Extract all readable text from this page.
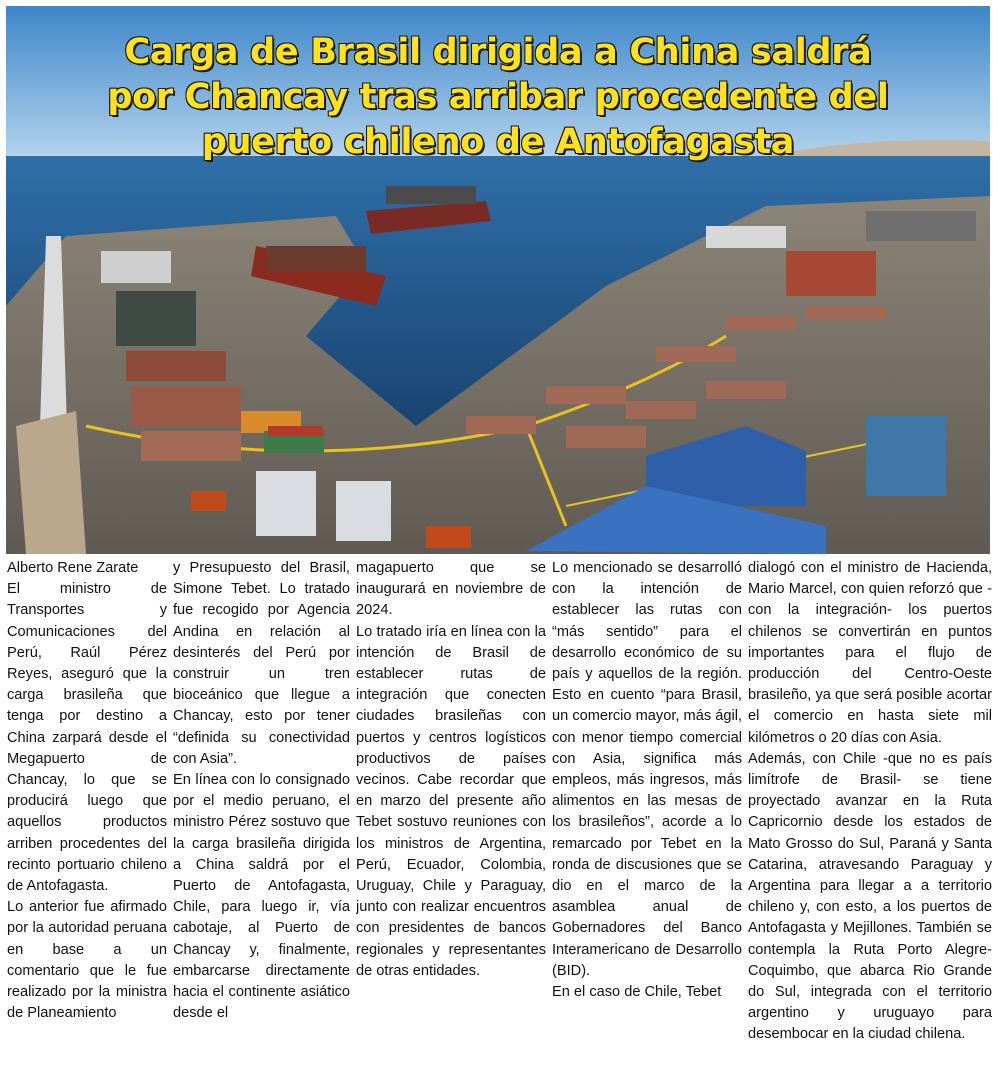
Carga de Brasil dirigida a China saldrá
por Chancay tras arribar procedente del
puerto chileno de Antofagasta

Alberto Rene Zarate

El ministro de Transportes y Comunicaciones del Perú, Raúl Pérez Reyes, aseguró que la carga brasileña que tenga por destino a China zarpará desde el Megapuerto de Chancay, lo que se producirá luego que aquellos productos arriben procedentes del recinto portuario chileno de Antofagasta.

Lo anterior fue afirmado por la autoridad peruana en base a un comentario que le fue realizado por la ministra de Planeamiento

y Presupuesto del Brasil, Simone Tebet. Lo tratado fue recogido por Agencia Andina en relación al desinterés del Perú por construir un tren bioceánico que llegue a Chancay, esto por tener “definida su conectividad con Asia”.

En línea con lo consignado por el medio peruano, el ministro Pérez sostuvo que la carga brasileña dirigida a China saldrá por el Puerto de Antofagasta, Chile, para luego ir, vía cabotaje, al Puerto de Chancay y, finalmente, embarcarse directamente hacia el continente asiático desde el

magapuerto que se inaugurará en noviembre de 2024.

Lo tratado iría en línea con la intención de Brasil de establecer rutas de integración que conecten ciudades brasileñas con puertos y centros logísticos productivos de países vecinos. Cabe recordar que en marzo del presente año Tebet sostuvo reuniones con los ministros de Argentina, Perú, Ecuador, Colombia, Uruguay, Chile y Paraguay, junto con realizar encuentros con presidentes de bancos regionales y representantes de otras entidades.

Lo mencionado se desarrolló con la intención de establecer las rutas con “más sentido” para el desarrollo económico de su país y aquellos de la región. Esto en cuento “para Brasil, un comercio mayor, más ágil, con menor tiempo comercial con Asia, significa más empleos, más ingresos, más alimentos en las mesas de los brasileños”, acorde a lo remarcado por Tebet en la ronda de discusiones que se dio en el marco de la asamblea anual de Gobernadores del Banco Interamericano de Desarrollo (BID).

En el caso de Chile, Tebet

dialogó con el ministro de Hacienda, Mario Marcel, con quien reforzó que -con la integración- los puertos chilenos se convertirán en puntos importantes para el flujo de producción del Centro-Oeste brasileño, ya que será posible acortar el comercio en hasta siete mil kilómetros o 20 días con Asia.

Además, con Chile -que no es país limítrofe de Brasil- se tiene proyectado avanzar en la Ruta Capricornio desde los estados de Mato Grosso do Sul, Paraná y Santa Catarina, atravesando Paraguay y Argentina para llegar a a territorio chileno y, con esto, a los puertos de Antofagasta y Mejillones. También se contempla la Ruta Porto Alegre-Coquimbo, que abarca Rio Grande do Sul, integrada con el territorio argentino y uruguayo para desembocar en la ciudad chilena.
